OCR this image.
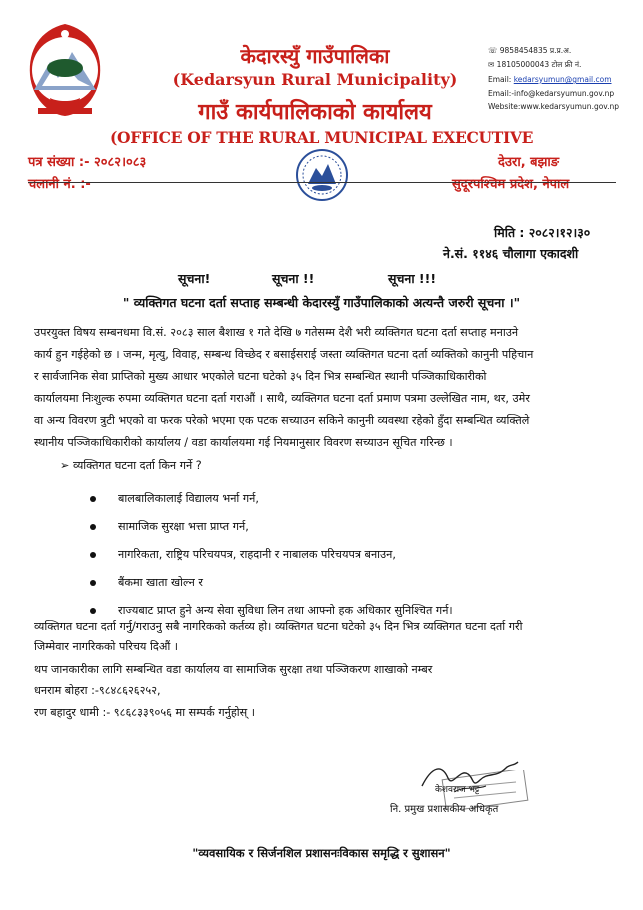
केदारस्युँ गाउँपालिका
(Kedarsyun Rural Municipality)
गाउँ कार्यपालिकाको कार्यालय
(OFFICE OF THE RURAL MUNICIPAL EXECUTIVE
☏ 9858454835 प्र.प्र.अ.
✉ 18105000043 टोल फ्री नं.
Email: kedarsyumun@gmail.com
Email:-info@kedarsyumun.gov.np
Website:www.kedarsyumun.gov.np
पत्र संख्या :- २०८२।०८३
चलानी नं. :-
देउरा, बझाङ
सुदूरपश्चिम प्रदेश, नेपाल
मिति : २०८२।१२।३०
ने.सं. ११४६ चौलागा एकादशी
सूचना!	सूचना !!	सूचना !!!
" व्यक्तिगत घटना दर्ता सप्ताह सम्बन्धी केदारस्युँ गाउँपालिकाको अत्यन्तै जरुरी सूचना ।"
उपरयुक्त विषय सम्बनधमा वि.सं. २०८३ साल बैशाख १ गते देखि ७ गतेसम्म देशै भरी व्यक्तिगत घटना दर्ता सप्ताह मनाउने
कार्य हुन गईहेको छ । जन्म, मृत्यु, विवाह, सम्बन्ध विच्छेद र बसाईसराई जस्ता व्यक्तिगत घटना दर्ता व्यक्तिको कानुनी पहिचान
र सार्वजानिक सेवा प्राप्तिको मुख्य आधार भएकोले घटना घटेको ३५ दिन भित्र सम्बन्धित स्थानी पञ्जिकाधिकारीको
कार्यालयमा निःशुल्क रुपमा व्यक्तिगत घटना दर्ता गराऔं । साथै, व्यक्तिगत घटना दर्ता प्रमाण पत्रमा उल्लेखित नाम, थर, उमेर
वा अन्य विवरण त्रुटी भएको वा फरक परेको भएमा एक पटक सच्याउन सकिने कानुनी व्यवस्था रहेको हुँदा सम्बन्धित व्यक्तिले
स्थानीय पञ्जिकाधिकारीको कार्यालय / वडा कार्यालयमा गई नियमानुसार विवरण सच्याउन सूचित गरिन्छ ।
➢ व्यक्तिगत घटना दर्ता किन गर्ने ?
बालबालिकालाई विद्यालय भर्ना गर्न,
सामाजिक सुरक्षा भत्ता प्राप्त गर्न,
नागरिकता, राष्ट्रिय परिचयपत्र, राहदानी र नाबालक परिचयपत्र बनाउन,
बैंकमा खाता खोल्न र
राज्यबाट प्राप्त हुने अन्य सेवा सुविधा लिन तथा आफ्नो हक अधिकार सुनिश्चित गर्न।
व्यक्तिगत घटना दर्ता गर्नु/गराउनु सबै नागरिकको कर्तव्य हो। व्यक्तिगत घटना घटेको ३५ दिन भित्र व्यक्तिगत घटना दर्ता गरी
जिम्मेवार नागरिकको परिचय दिऔं ।
थप जानकारीका लागि सम्बन्धित वडा कार्यालय वा सामाजिक सुरक्षा तथा पञ्जिकरण शाखाको नम्बर
धनराम बोहरा :-९८४८६२६२५२,
रण बहादुर धामी :- ९८६८३३९०५६ मा सम्पर्क गर्नुहोस् ।
केशवराज भट्ट
नि. प्रमुख प्रशासकीय अधिकृत
"व्यवसायिक र सिर्जनशिल प्रशासनःविकास समृद्धि र सुशासन"
